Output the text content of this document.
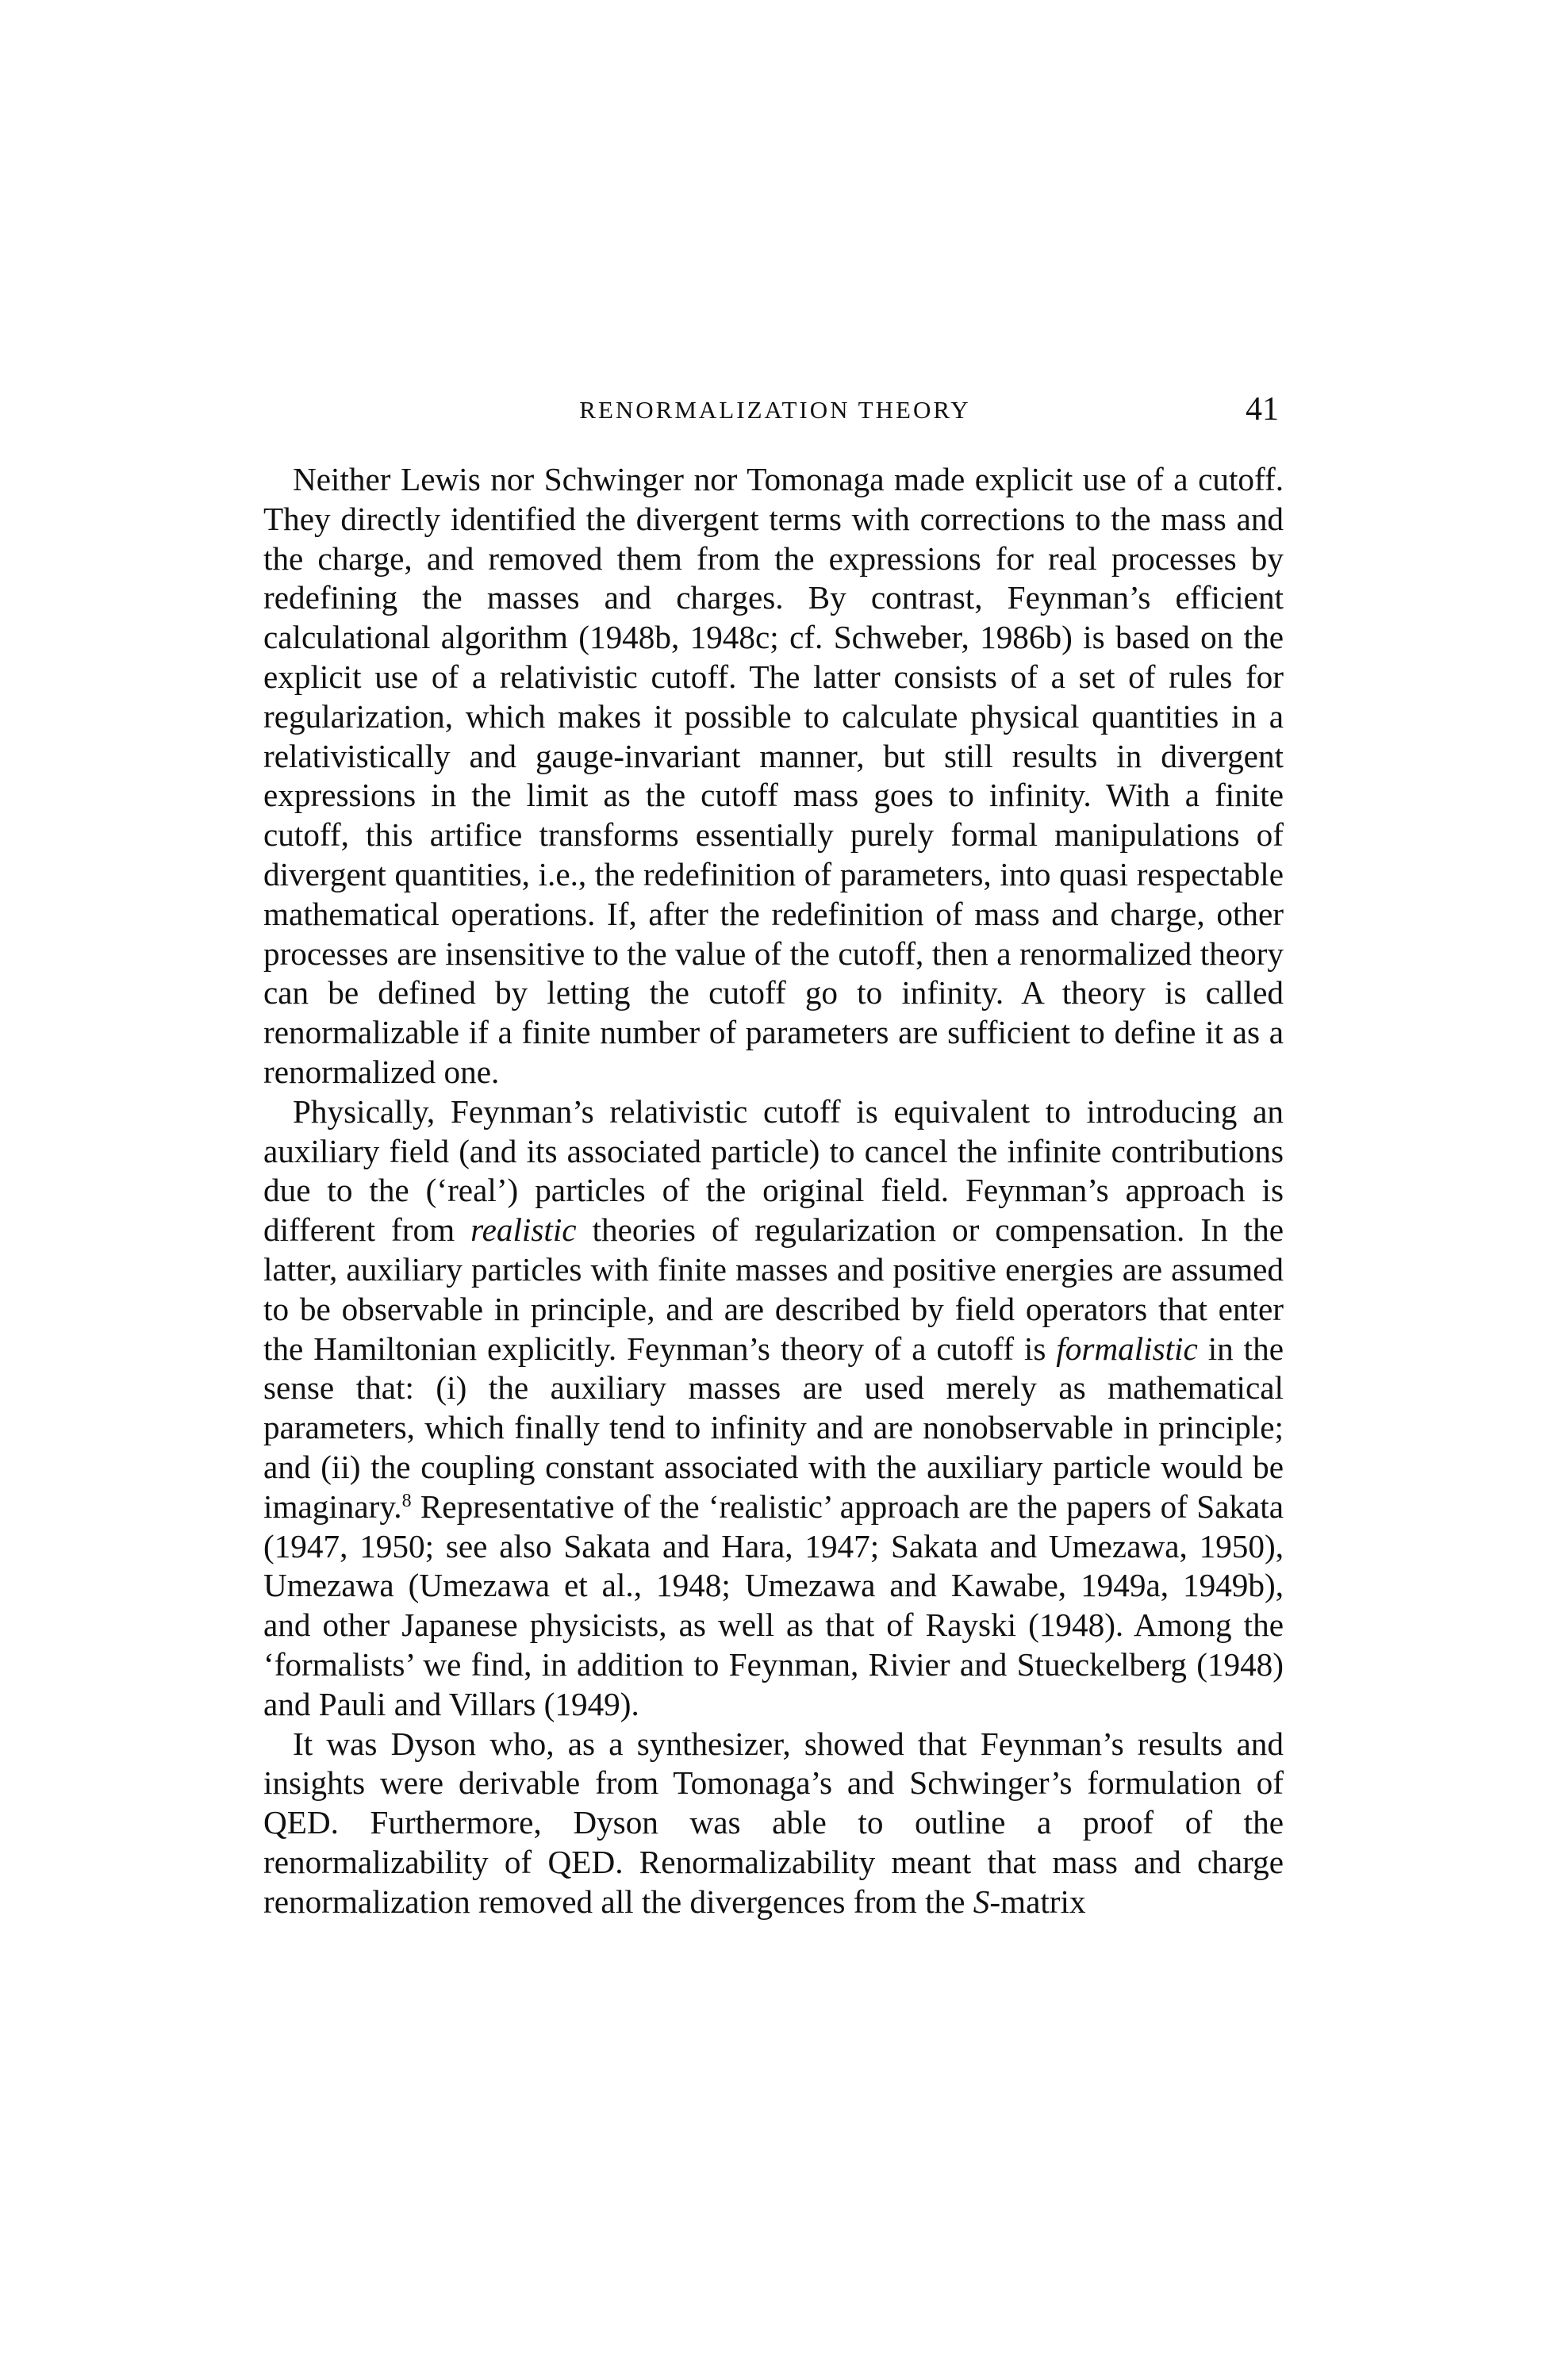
RENORMALIZATION THEORY	41

Neither Lewis nor Schwinger nor Tomonaga made explicit use of a cutoff. They directly identified the divergent terms with corrections to the mass and the charge, and removed them from the expressions for real processes by redefining the masses and charges. By contrast, Feynman’s efficient calculational algorithm (1948b, 1948c; cf. Schweber, 1986b) is based on the explicit use of a relativistic cutoff. The latter consists of a set of rules for regularization, which makes it possible to calculate physical quantities in a relativistically and gauge-invariant manner, but still results in divergent expressions in the limit as the cutoff mass goes to infinity. With a finite cutoff, this artifice transforms essentially purely formal manipulations of divergent quantities, i.e., the redefinition of parameters, into quasi respectable mathematical operations. If, after the redefinition of mass and charge, other processes are insensitive to the value of the cutoff, then a renormalized theory can be defined by letting the cutoff go to infinity. A theory is called renormalizable if a finite number of parameters are sufficient to define it as a renormalized one.

Physically, Feynman’s relativistic cutoff is equivalent to introducing an auxiliary field (and its associated particle) to cancel the infinite contributions due to the (‘real’) particles of the original field. Feynman’s approach is different from realistic theories of regularization or compensation. In the latter, auxiliary particles with finite masses and positive energies are assumed to be observable in principle, and are described by field operators that enter the Hamiltonian explicitly. Feynman’s theory of a cutoff is formalistic in the sense that: (i) the auxiliary masses are used merely as mathematical parameters, which finally tend to infinity and are nonobservable in principle; and (ii) the coupling constant associated with the auxiliary particle would be imaginary.$^8$ Representative of the ‘realistic’ approach are the papers of Sakata (1947, 1950; see also Sakata and Hara, 1947; Sakata and Umezawa, 1950), Umezawa (Umezawa et al., 1948; Umezawa and Kawabe, 1949a, 1949b), and other Japanese physicists, as well as that of Rayski (1948). Among the ‘formalists’ we find, in addition to Feynman, Rivier and Stueckelberg (1948) and Pauli and Villars (1949).

It was Dyson who, as a synthesizer, showed that Feynman’s results and insights were derivable from Tomonaga’s and Schwinger’s formulation of QED. Furthermore, Dyson was able to outline a proof of the renormalizability of QED. Renormalizability meant that mass and charge renormalization removed all the divergences from the S-matrix
